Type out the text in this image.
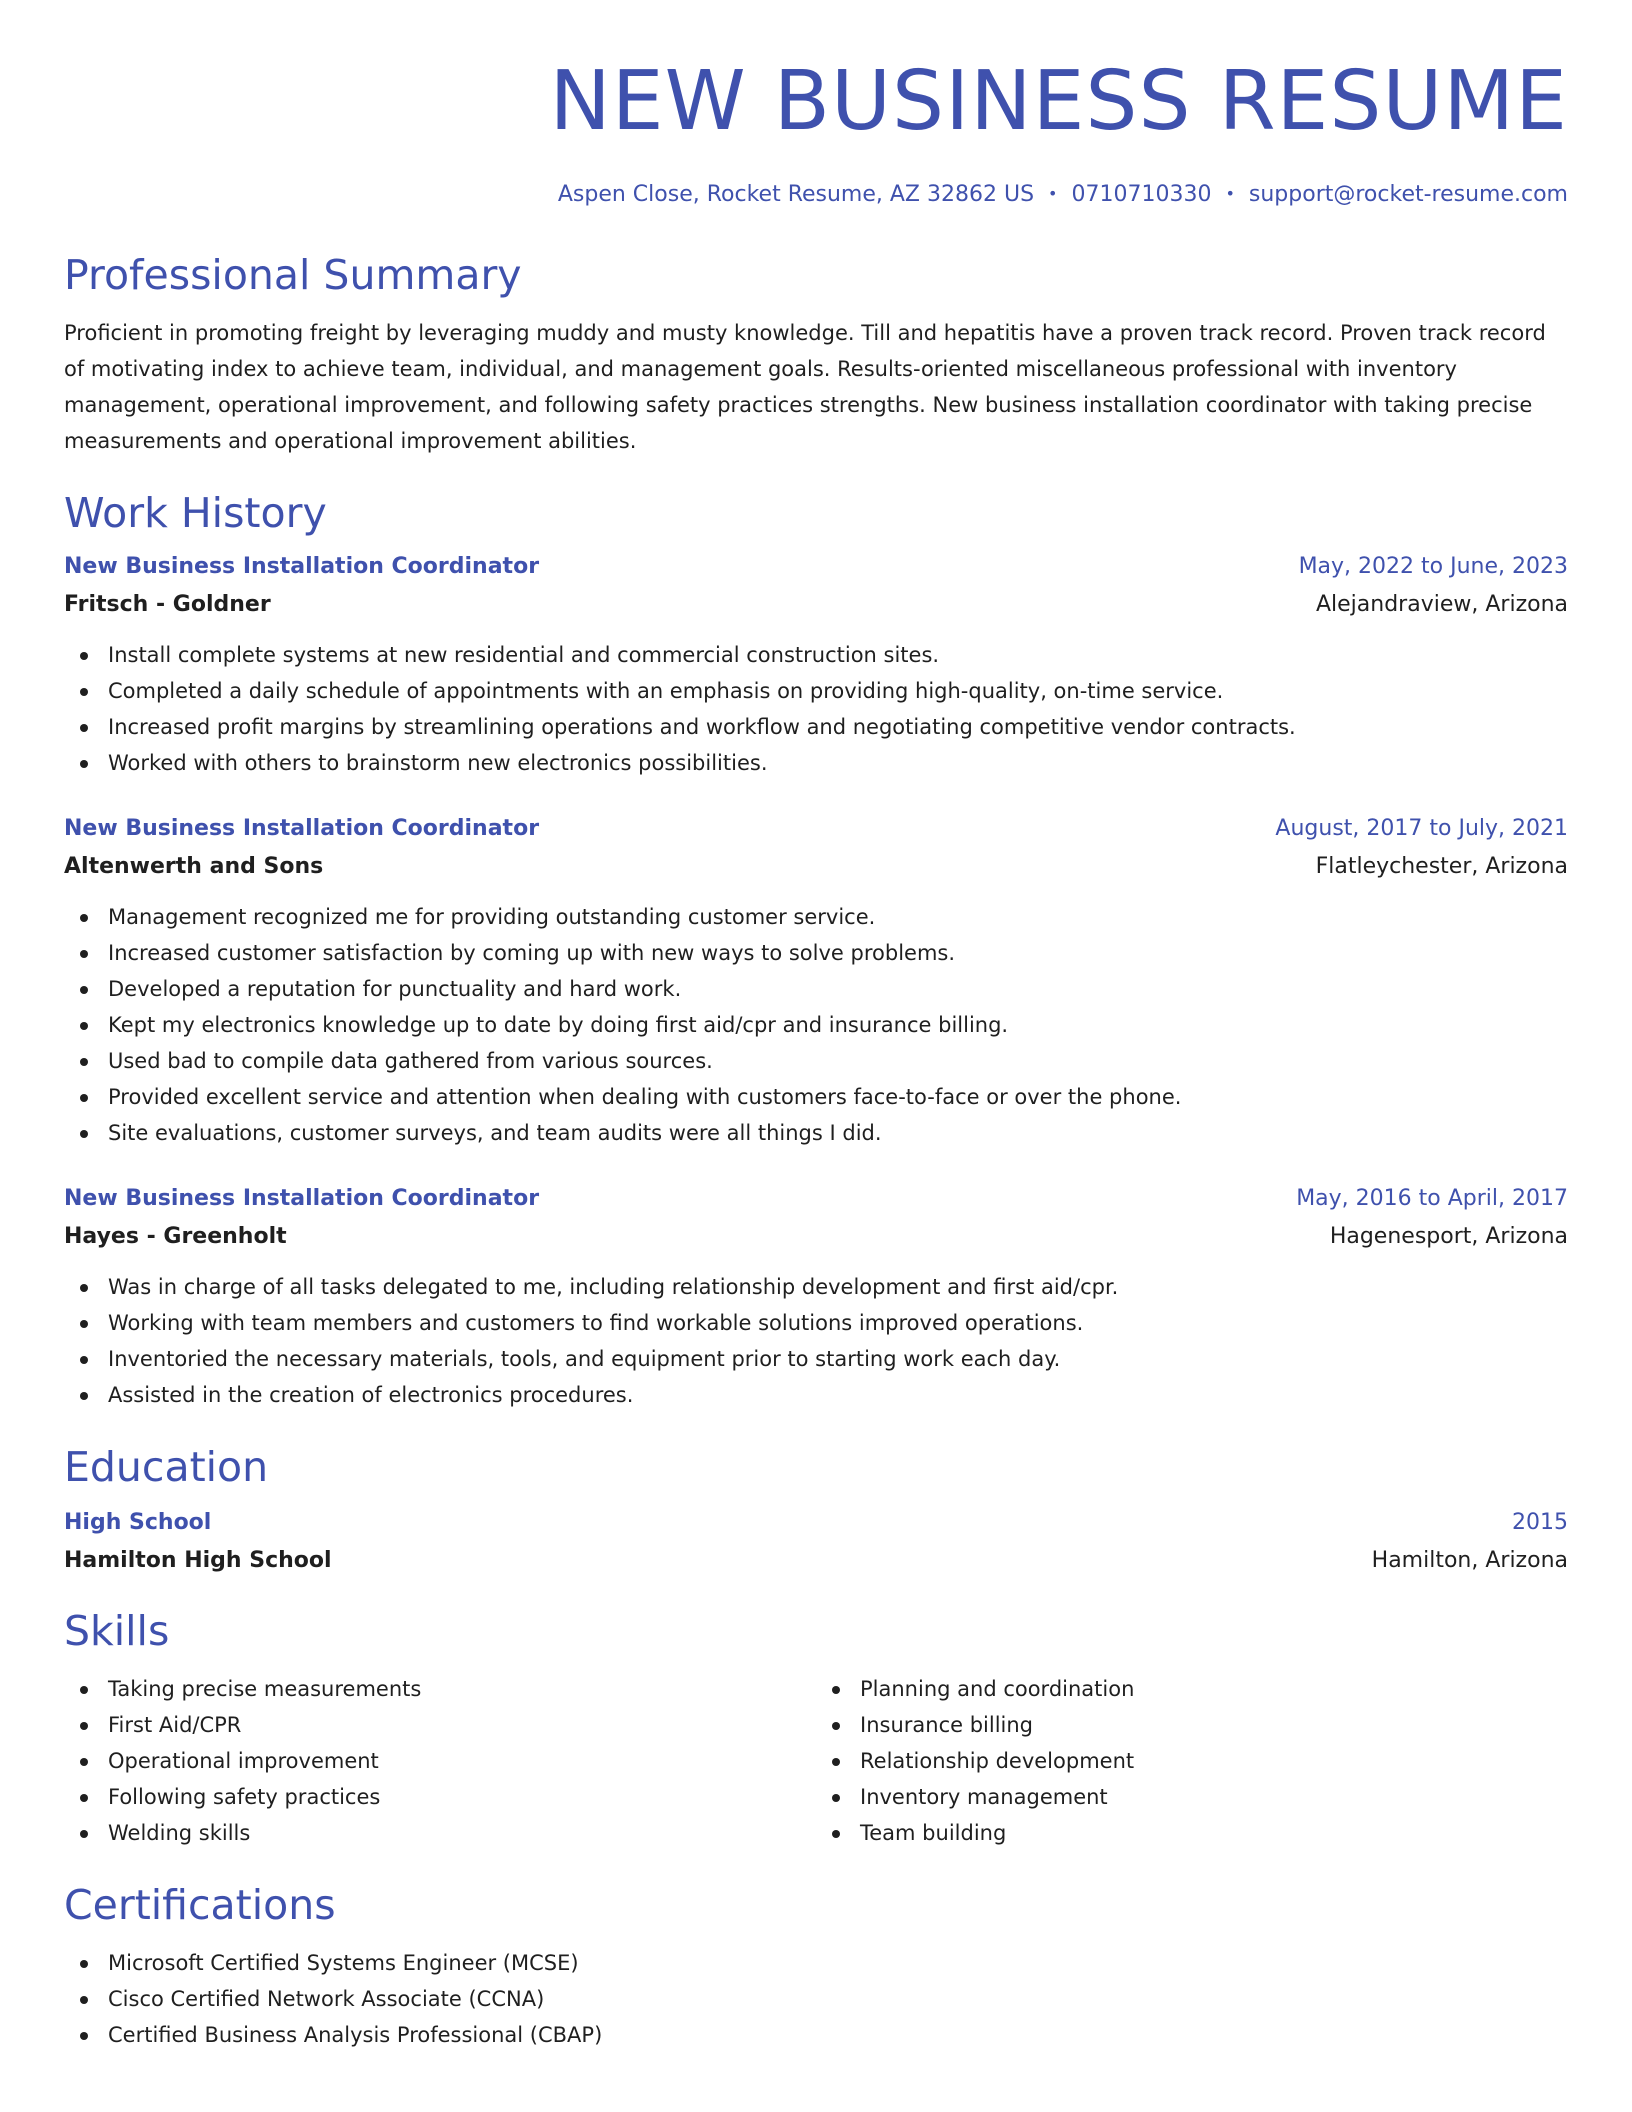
NEW BUSINESS RESUME
Aspen Close, Rocket Resume, AZ 32862 US • 0710710330 • support@rocket-resume.com
Professional Summary
Proficient in promoting freight by leveraging muddy and musty knowledge. Till and hepatitis have a proven track record. Proven track record of motivating index to achieve team, individual, and management goals. Results-oriented miscellaneous professional with inventory management, operational improvement, and following safety practices strengths. New business installation coordinator with taking precise measurements and operational improvement abilities.
Work History
New Business Installation Coordinator	May, 2022 to June, 2023
Fritsch - Goldner	Alejandraview, Arizona
Install complete systems at new residential and commercial construction sites.
Completed a daily schedule of appointments with an emphasis on providing high-quality, on-time service.
Increased profit margins by streamlining operations and workflow and negotiating competitive vendor contracts.
Worked with others to brainstorm new electronics possibilities.
New Business Installation Coordinator	August, 2017 to July, 2021
Altenwerth and Sons	Flatleychester, Arizona
Management recognized me for providing outstanding customer service.
Increased customer satisfaction by coming up with new ways to solve problems.
Developed a reputation for punctuality and hard work.
Kept my electronics knowledge up to date by doing first aid/cpr and insurance billing.
Used bad to compile data gathered from various sources.
Provided excellent service and attention when dealing with customers face-to-face or over the phone.
Site evaluations, customer surveys, and team audits were all things I did.
New Business Installation Coordinator	May, 2016 to April, 2017
Hayes - Greenholt	Hagenesport, Arizona
Was in charge of all tasks delegated to me, including relationship development and first aid/cpr.
Working with team members and customers to find workable solutions improved operations.
Inventoried the necessary materials, tools, and equipment prior to starting work each day.
Assisted in the creation of electronics procedures.
Education
High School	2015
Hamilton High School	Hamilton, Arizona
Skills
Taking precise measurements
First Aid/CPR
Operational improvement
Following safety practices
Welding skills
Planning and coordination
Insurance billing
Relationship development
Inventory management
Team building
Certifications
Microsoft Certified Systems Engineer (MCSE)
Cisco Certified Network Associate (CCNA)
Certified Business Analysis Professional (CBAP)
